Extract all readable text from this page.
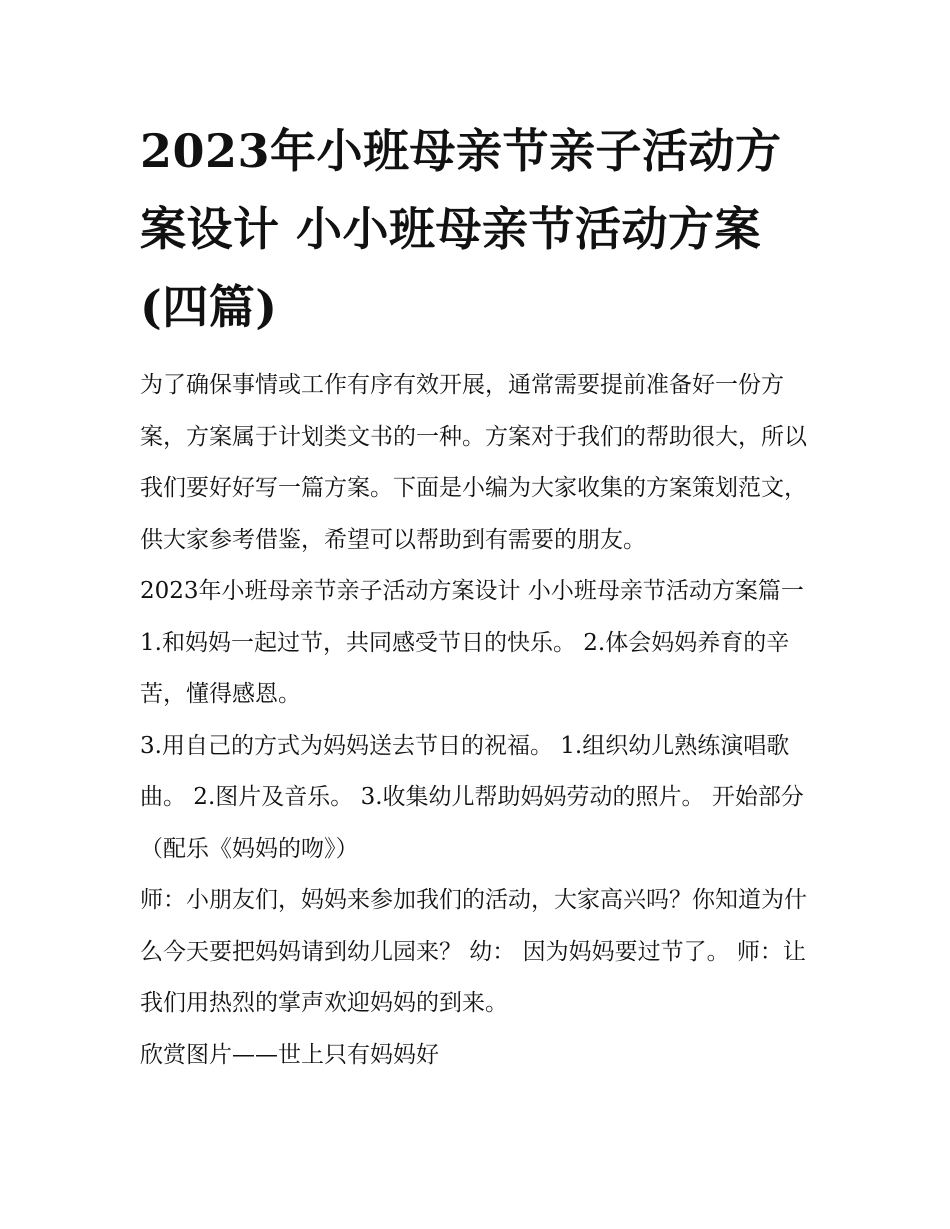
2023年小班母亲节亲子活动方案设计 小小班母亲节活动方案(四篇)

为了确保事情或工作有序有效开展，通常需要提前准备好一份方案，方案属于计划类文书的一种。方案对于我们的帮助很大，所以我们要好好写一篇方案。下面是小编为大家收集的方案策划范文，供大家参考借鉴，希望可以帮助到有需要的朋友。

2023年小班母亲节亲子活动方案设计 小小班母亲节活动方案篇一 1.和妈妈一起过节，共同感受节日的快乐。 2.体会妈妈养育的辛苦，懂得感恩。

3.用自己的方式为妈妈送去节日的祝福。 1.组织幼儿熟练演唱歌曲。 2.图片及音乐。 3.收集幼儿帮助妈妈劳动的照片。 开始部分（配乐《妈妈的吻》）

师：小朋友们，妈妈来参加我们的活动，大家高兴吗？你知道为什么今天要把妈妈请到幼儿园来？ 幼： 因为妈妈要过节了。 师：让我们用热烈的掌声欢迎妈妈的到来。

欣赏图片——世上只有妈妈好
